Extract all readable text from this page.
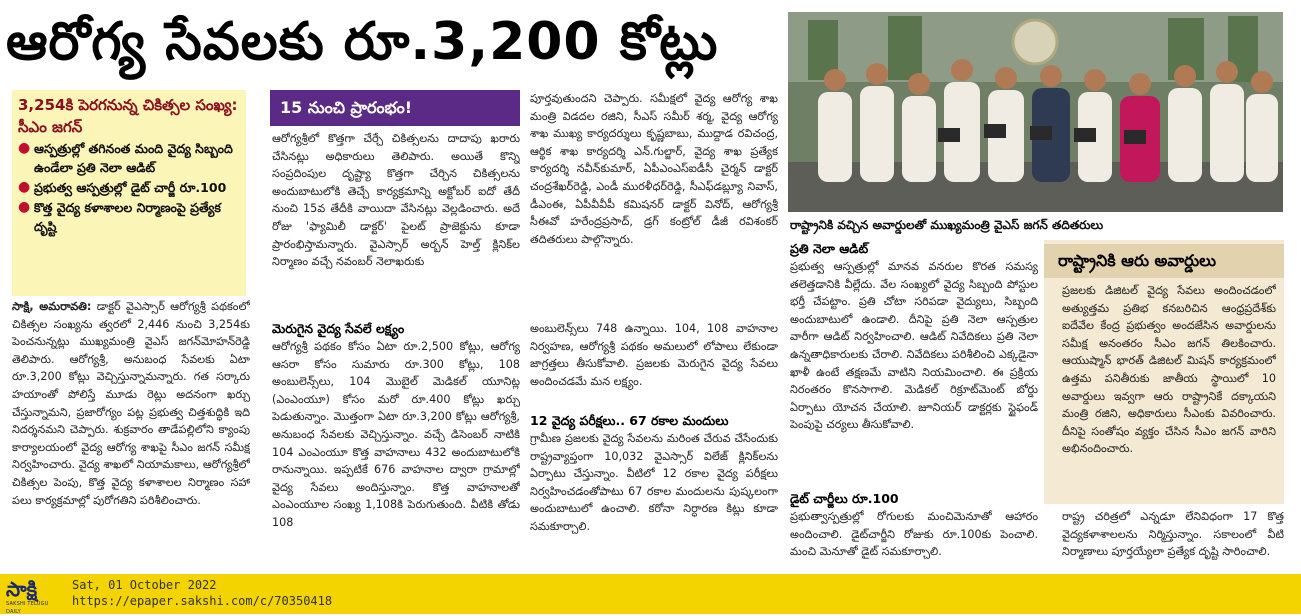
ఆరోగ్య సేవలకు రూ.3,200 కోట్లు
3,254కి పెరగనున్న చికిత్సల సంఖ్య: సీఎం జగన్
● ఆస్పత్రుల్లో తగినంత మంది వైద్య సిబ్బంది ఉండేలా ప్రతి నెలా ఆడిట్
● ప్రభుత్వ ఆస్పత్రుల్లో డైట్ చార్జీ రూ.100
● కొత్త వైద్య కళాశాలల నిర్మాణంపై ప్రత్యేక దృష్టి

సాక్షి, అమరావతి: డాక్టర్ వైఎస్సార్ ఆరోగ్యశ్రీ పథకంలో చికిత్సల సంఖ్యను త్వరలో 2,446 నుంచి 3,254కు పెంచనున్నట్లు ముఖ్యమంత్రి వైఎస్ జగన్‌మోహన్‌రెడ్డి తెలిపారు. ఆరోగ్యశ్రీ, అనుబంధ సేవలకు ఏటా రూ.3,200 కోట్లు వెచ్చిస్తున్నామన్నారు. గత సర్కారు హయాంతో పోలిస్తే మూడు రెట్లు అదనంగా ఖర్చు చేస్తున్నామని, ప్రజారోగ్యం పట్ల ప్రభుత్వ చిత్తశుద్ధికి ఇది నిదర్శనమని చెప్పారు. శుక్రవారం తాడేపల్లిలోని క్యాంపు కార్యాలయంలో వైద్య ఆరోగ్య శాఖపై సీఎం జగన్ సమీక్ష నిర్వహించారు. వైద్య శాఖలో నియామకాలు, ఆరోగ్యశ్రీలో చికిత్సల పెంపు, కొత్త వైద్య కళాశాలల నిర్మాణం సహా పలు కార్యక్రమాల్లో పురోగతిని పరిశీలించారు.

15 నుంచి ప్రారంభం!
ఆరోగ్యశ్రీలో కొత్తగా చేర్చే చికిత్సలను దాదాపు ఖరారు చేసినట్లు అధికారులు తెలిపారు. అయితే కొన్ని సంప్రదింపుల దృష్ట్యా కొత్తగా చేర్చిన చికిత్సలను అందుబాటులోకి తెచ్చే కార్యక్రమాన్ని అక్టోబర్ ఐదో తేదీ నుంచి 15వ తేదీకి వాయిదా వేసినట్లు వెల్లడించారు. అదే రోజు 'ఫ్యామిలీ డాక్టర్' పైలట్ ప్రాజెక్టును కూడా ప్రారంభిస్తామన్నారు. వైఎస్సార్ అర్బన్ హెల్త్ క్లినిక్‌ల నిర్మాణం వచ్చే నవంబర్ నెలాఖరుకు
మెరుగైన వైద్య సేవలే లక్ష్యం
ఆరోగ్యశ్రీ పథకం కోసం ఏటా రూ.2,500 కోట్లు, ఆరోగ్య ఆసరా కోసం సుమారు రూ.300 కోట్లు, 108 అంబులెన్స్‌లు, 104 మొబైల్ మెడికల్ యూనిట్ల (ఎంఎంయూ) కోసం మరో రూ.400 కోట్లు ఖర్చు పెడుతున్నాం. మొత్తంగా ఏటా రూ.3,200 కోట్లు ఆరోగ్యశ్రీ, అనుబంధ సేవలకు వెచ్చిస్తున్నాం. వచ్చే డిసెంబర్ నాటికి 104 ఎంఎంయూ కొత్త వాహనాలు 432 అందుబాటులోకి రానున్నాయి. ఇప్పటికే 676 వాహనాల ద్వారా గ్రామాల్లో వైద్య సేవలు అందిస్తున్నాం. కొత్త వాహనాలతో ఎంఎంయూల సంఖ్య 1,108కి పెరుగుతుంది. వీటికి తోడు 108
పూర్తవుతుందని చెప్పారు. సమీక్షలో వైద్య ఆరోగ్య శాఖ మంత్రి విడదల రజిని, సీఎస్ సమీర్ శర్మ, వైద్య ఆరోగ్య శాఖ ముఖ్య కార్యదర్శులు కృష్ణబాబు, ముద్దాడ రవిచంద్ర, ఆర్థిక శాఖ కార్యదర్శి ఎన్.గుల్జార్, వైద్య శాఖ ప్రత్యేక కార్యదర్శి నవీన్‌కుమార్, ఏపీఎంఎస్ఐడీసీ చైర్మన్ డాక్టర్ చంద్రశేఖర్‌రెడ్డి, ఎండీ మురళీధర్‌రెడ్డి, సీఎఫ్‌డబ్ల్యూ నివాస్, డీఎంఈ, ఏపీవీవీపీ కమిషనర్ డాక్టర్ వినోద్, ఆరోగ్యశ్రీ సీఈవో హరేంద్రప్రసాద్, డ్రగ్ కంట్రోల్ డీజీ రవిశంకర్ తదితరులు పాల్గొన్నారు.
అంబులెన్స్‌లు 748 ఉన్నాయి. 104, 108 వాహనాల నిర్వహణ, ఆరోగ్యశ్రీ పథకం అమలులో లోపాలు లేకుండా జాగ్రత్తలు తీసుకోవాలి. ప్రజలకు మెరుగైన వైద్య సేవలు అందించడమే మన లక్ష్యం.
12 వైద్య పరీక్షలు.. 67 రకాల మందులు
గ్రామీణ ప్రజలకు వైద్య సేవలను మరింత చేరువ చేసేందుకు రాష్ట్రవ్యాప్తంగా 10,032 వైఎస్సార్ విలేజ్ క్లినిక్‌లను ఏర్పాటు చేస్తున్నాం. వీటిలో 12 రకాల వైద్య పరీక్షలు నిర్వహించడంతోపాటు 67 రకాల మందులను పుష్కలంగా అందుబాటులో ఉంచాలి. కరోనా నిర్ధారణ కిట్లు కూడా సమకూర్చాలి.
రాష్ట్రానికి వచ్చిన అవార్డులతో ముఖ్యమంత్రి వైఎస్ జగన్ తదితరులు
ప్రతి నెలా ఆడిట్
ప్రభుత్వ ఆస్పత్రుల్లో మానవ వనరుల కొరత సమస్య తలెత్తడానికి వీల్లేదు. వేల సంఖ్యలో వైద్య సిబ్బంది పోస్టుల భర్తీ చేపట్టాం. ప్రతి చోటా సరిపడా వైద్యులు, సిబ్బంది అందుబాటులో ఉండాలి. దీనిపై ప్రతి నెలా ఆస్పత్రుల వారీగా ఆడిట్ నిర్వహించాలి. ఆడిట్ నివేదికలు ప్రతి నెలా ఉన్నతాధికారులకు చేరాలి. నివేదికలు పరిశీలించి ఎక్కడైనా ఖాళీ ఉంటే తక్షణమే వాటిని నియమించాలి. ఈ ప్రక్రియ నిరంతరం కొనసాగాలి. మెడికల్ రిక్రూట్‌మెంట్ బోర్డు ఏర్పాటు యోచన చేయాలి. జూనియర్ డాక్టర్లకు స్టైఫండ్ పెంపుపై చర్యలు తీసుకోవాలి.
డైట్ చార్జీలు రూ.100
ప్రభుత్వాస్పత్రుల్లో రోగులకు మంచిమెనూతో ఆహారం అందించాలి. డైట్‌చార్జీని రోజుకు రూ.100కు పెంచాలి. మంచి మెనూతో డైట్ సమకూర్చాలి.
రాష్ట్రానికి ఆరు అవార్డులు
ప్రజలకు డిజిటల్ వైద్య సేవలు అందించడంలో అత్యుత్తమ ప్రతిభ కనబరిచిన ఆంధ్రప్రదేశ్‌కు ఐదేవేల కేంద్ర ప్రభుత్వం అందజేసిన అవార్డులను సమీక్ష అనంతరం సీఎం జగన్ తిలకించారు. ఆయుష్మాన్ భారత్ డిజిటల్ మిషన్ కార్యక్రమంలో ఉత్తమ పనితీరుకు జాతీయ స్థాయిలో 10 అవార్డులు ఇవ్వగా ఆరు రాష్ట్రానికే దక్కాయని మంత్రి రజిని, అధికారులు సీఎంకు వివరించారు. దీనిపై సంతోషం వ్యక్తం చేసిన సీఎం జగన్ వారిని అభినందించారు.
రాష్ట్ర చరిత్రలో ఎన్నడూ లేనివిధంగా 17 కొత్త వైద్యకళాశాలలను నిర్మిస్తున్నాం. సకాలంలో వీటి నిర్మాణాలు పూర్తయ్యేలా ప్రత్యేక దృష్టి సారించాలి.
సాక్షి
SAKSHI TELUGU DAILY
Sat, 01 October 2022
https://epaper.sakshi.com/c/70350418
